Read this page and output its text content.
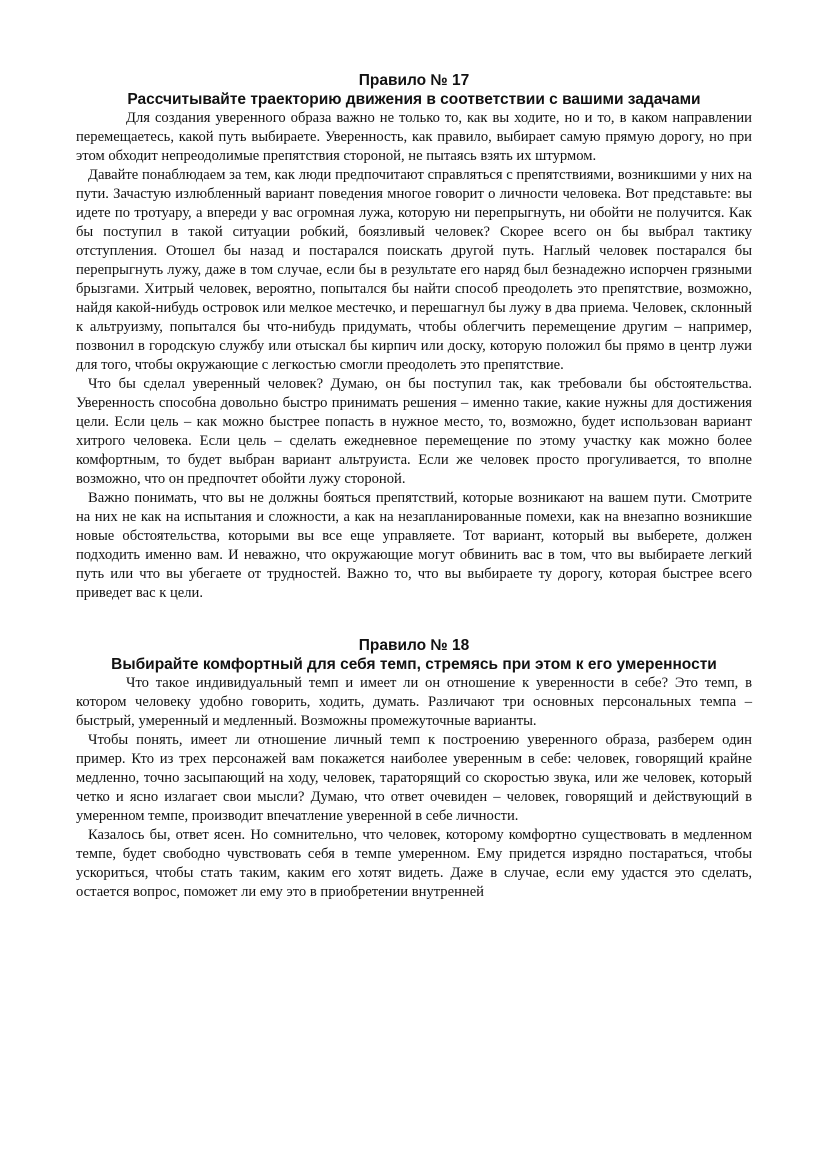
Правило № 17
Рассчитывайте траекторию движения в соответствии с вашими задачами

Для создания уверенного образа важно не только то, как вы ходите, но и то, в каком направлении перемещаетесь, какой путь выбираете. Уверенность, как правило, выбирает самую прямую дорогу, но при этом обходит непреодолимые препятствия стороной, не пытаясь взять их штурмом.

Давайте понаблюдаем за тем, как люди предпочитают справляться с препятствиями, возникшими у них на пути. Зачастую излюбленный вариант поведения многое говорит о личности человека. Вот представьте: вы идете по тротуару, а впереди у вас огромная лужа, которую ни перепрыгнуть, ни обойти не получится. Как бы поступил в такой ситуации робкий, боязливый человек? Скорее всего он бы выбрал тактику отступления. Отошел бы назад и постарался поискать другой путь. Наглый человек постарался бы перепрыгнуть лужу, даже в том случае, если бы в результате его наряд был безнадежно испорчен грязными брызгами. Хитрый человек, вероятно, попытался бы найти способ преодолеть это препятствие, возможно, найдя какой-нибудь островок или мелкое местечко, и перешагнул бы лужу в два приема. Человек, склонный к альтруизму, попытался бы что-нибудь придумать, чтобы облегчить перемещение другим – например, позвонил в городскую службу или отыскал бы кирпич или доску, которую положил бы прямо в центр лужи для того, чтобы окружающие с легкостью смогли преодолеть это препятствие.

Что бы сделал уверенный человек? Думаю, он бы поступил так, как требовали бы обстоятельства. Уверенность способна довольно быстро принимать решения – именно такие, какие нужны для достижения цели. Если цель – как можно быстрее попасть в нужное место, то, возможно, будет использован вариант хитрого человека. Если цель – сделать ежедневное перемещение по этому участку как можно более комфортным, то будет выбран вариант альтруиста. Если же человек просто прогуливается, то вполне возможно, что он предпочтет обойти лужу стороной.

Важно понимать, что вы не должны бояться препятствий, которые возникают на вашем пути. Смотрите на них не как на испытания и сложности, а как на незапланированные помехи, как на внезапно возникшие новые обстоятельства, которыми вы все еще управляете. Тот вариант, который вы выберете, должен подходить именно вам. И неважно, что окружающие могут обвинить вас в том, что вы выбираете легкий путь или что вы убегаете от трудностей. Важно то, что вы выбираете ту дорогу, которая быстрее всего приведет вас к цели.

Правило № 18
Выбирайте комфортный для себя темп, стремясь при этом к его умеренности

Что такое индивидуальный темп и имеет ли он отношение к уверенности в себе? Это темп, в котором человеку удобно говорить, ходить, думать. Различают три основных персональных темпа – быстрый, умеренный и медленный. Возможны промежуточные варианты.

Чтобы понять, имеет ли отношение личный темп к построению уверенного образа, разберем один пример. Кто из трех персонажей вам покажется наиболее уверенным в себе: человек, говорящий крайне медленно, точно засыпающий на ходу, человек, тараторящий со скоростью звука, или же человек, который четко и ясно излагает свои мысли? Думаю, что ответ очевиден – человек, говорящий и действующий в умеренном темпе, производит впечатление уверенной в себе личности.

Казалось бы, ответ ясен. Но сомнительно, что человек, которому комфортно существовать в медленном темпе, будет свободно чувствовать себя в темпе умеренном. Ему придется изрядно постараться, чтобы ускориться, чтобы стать таким, каким его хотят видеть. Даже в случае, если ему удастся это сделать, остается вопрос, поможет ли ему это в приобретении внутренней
